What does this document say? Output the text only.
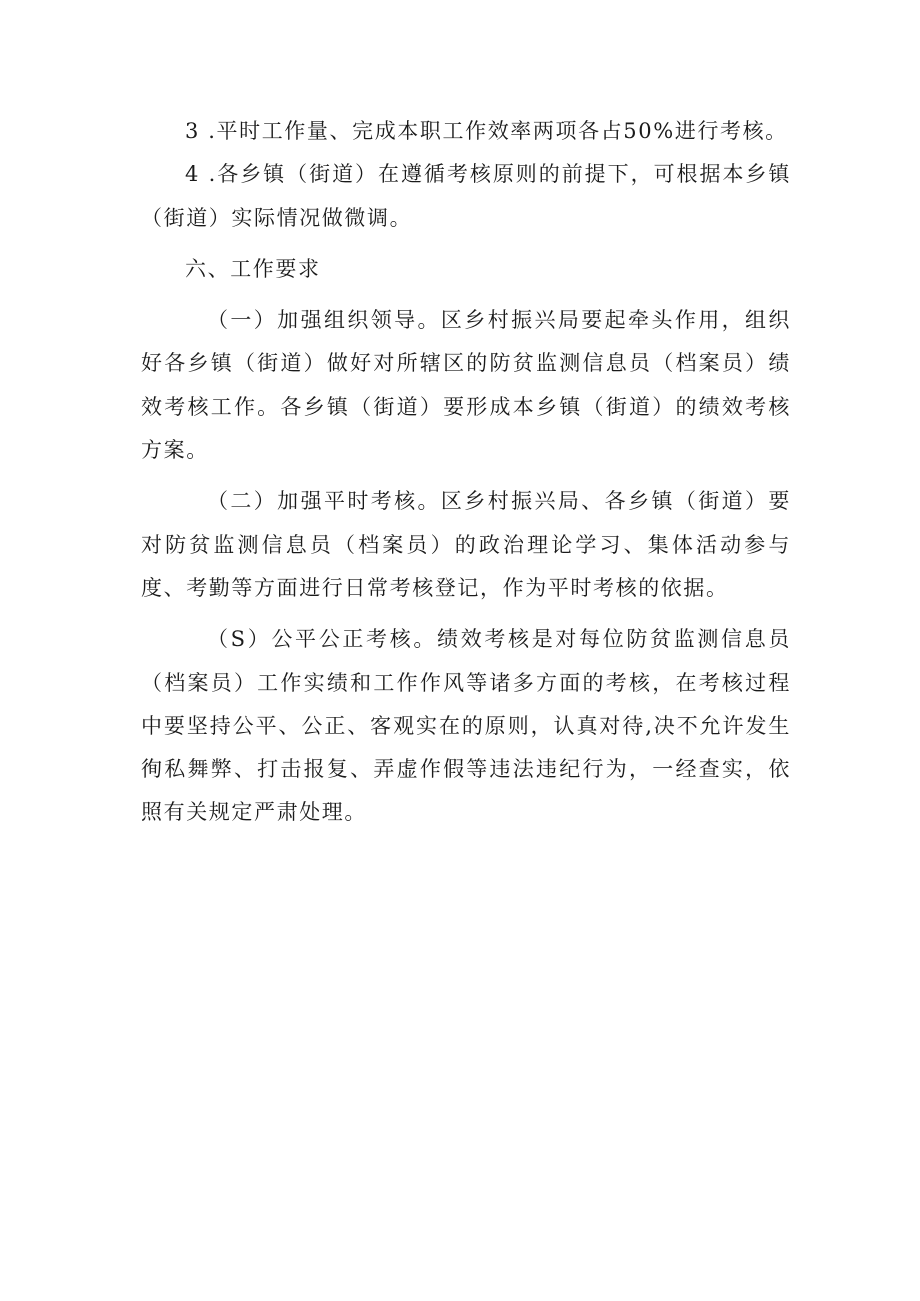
3 .平时工作量、完成本职工作效率两项各占50%进行考核。

4 .各乡镇（街道）在遵循考核原则的前提下，可根据本乡镇（街道）实际情况做微调。

六、工作要求

（一）加强组织领导。区乡村振兴局要起牵头作用，组织好各乡镇（街道）做好对所辖区的防贫监测信息员（档案员）绩效考核工作。各乡镇（街道）要形成本乡镇（街道）的绩效考核方案。

（二）加强平时考核。区乡村振兴局、各乡镇（街道）要对防贫监测信息员（档案员）的政治理论学习、集体活动参与度、考勤等方面进行日常考核登记，作为平时考核的依据。

（S）公平公正考核。绩效考核是对每位防贫监测信息员（档案员）工作实绩和工作作风等诸多方面的考核，在考核过程中要坚持公平、公正、客观实在的原则，认真对待,决不允许发生徇私舞弊、打击报复、弄虚作假等违法违纪行为，一经查实，依照有关规定严肃处理。
